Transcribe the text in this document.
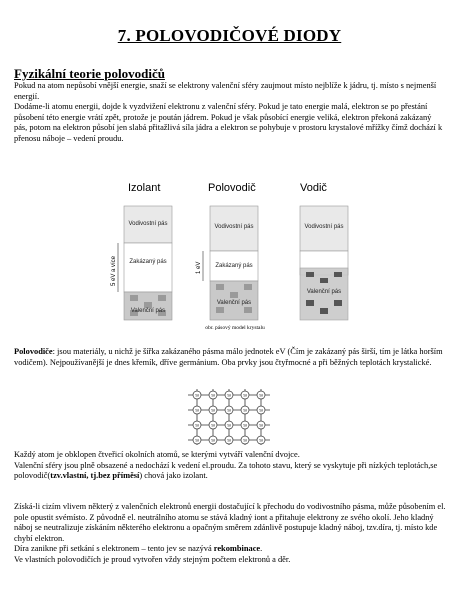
7. POLOVODIČOVÉ DIODY
Fyzikální teorie polovodičů

Pokud na atom nepůsobí vnější energie, snaží se elektrony valenční sféry zaujmout místo nejblíže k jádru, tj. místo s nejmenší energií.

Dodáme-li atomu energii, dojde k vyzdvižení elektronu z valenční sféry. Pokud je tato energie malá, elektron se po přestání působení této energie vrátí zpět, protože je poután jádrem. Pokud je však působící energie veliká, elektron překoná zakázaný pás, potom na elektron působí jen slabá přitažlivá síla jádra a elektron se pohybuje v prostoru krystalové mřížky čímž dochází k přenosu náboje – vedení proudu.

Izolant	Polovodič	Vodič
Vodivostní pás
Zakázaný pás
Valenční pás
5 eV a více
Vodivostní pás
Zakázaný pás
Valenční pás
1 eV
Vodivostní pás
Valenční pás
obr. pásový model krystalu

Polovodiče: jsou materiály, u nichž je šířka zakázaného pásma málo jednotek eV (Čím je zakázaný pás širší, tím je látka horším vodičem). Nejpoužívanější je dnes křemík, dříve germánium. Oba prvky jsou čtyřmocné a při běžných teplotách krystalické.

Si	Si	Si	Si	Si
Si	Si	Si	Si	Si
Si	Si	Si	Si	Si
Si	Si	Si	Si	Si

Každý atom je obklopen čtveřicí okolních atomů, se kterými vytváří valenční dvojce.

Valenční sféry jsou plně obsazené a nedochází k vedení el.proudu. Za tohoto stavu, který se vyskytuje při nízkých teplotách,se polovodič(tzv.vlastní, tj.bez příměsí) chová jako izolant.

Získá-li cizím vlivem některý z valenčních elektronů energii dostačující k přechodu do vodivostního pásma, může působením el. pole opustit svémísto. Z původně el. neutrálního atomu se stává kladný iont a přitahuje elektrony ze svého okolí. Jeho kladný náboj se neutralizuje získáním některého elektronu a opačným směrem zdánlivě postupuje kladný náboj, tzv.díra, tj. místo kde chybí elektron.

Díra zanikne při setkání s elektronem – tento jev se nazývá rekombinace.

Ve vlastních polovodičích je proud vytvořen vždy stejným počtem elektronů a děr.
